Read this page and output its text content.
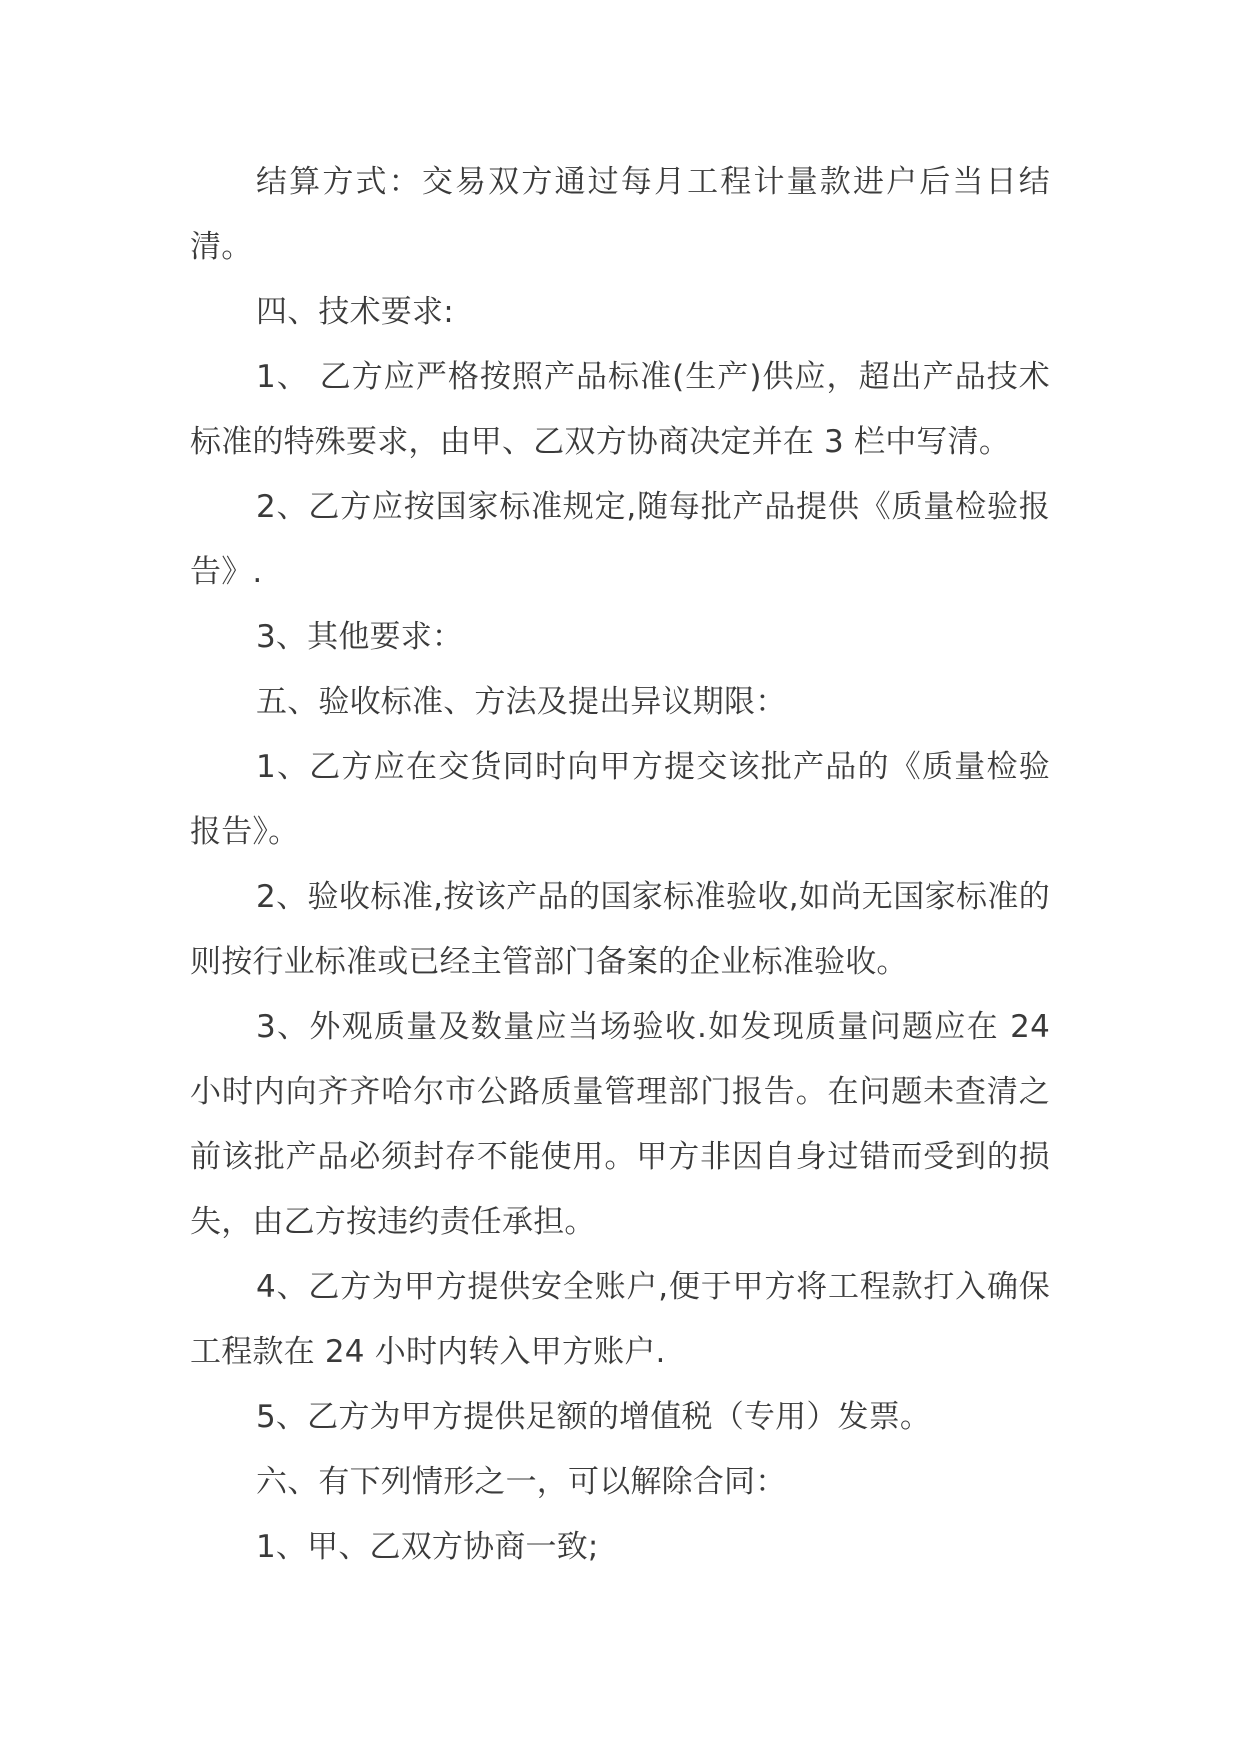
结算方式：交易双方通过每月工程计量款进户后当日结清。

四、技术要求:

1、 乙方应严格按照产品标准(生产)供应，超出产品技术标准的特殊要求，由甲、乙双方协商决定并在 3 栏中写清。

2、乙方应按国家标准规定,随每批产品提供《质量检验报告》.

3、其他要求：

五、验收标准、方法及提出异议期限：

1、乙方应在交货同时向甲方提交该批产品的《质量检验报告》。

2、验收标准,按该产品的国家标准验收,如尚无国家标准的则按行业标准或已经主管部门备案的企业标准验收。

3、外观质量及数量应当场验收.如发现质量问题应在 24 小时内向齐齐哈尔市公路质量管理部门报告。在问题未查清之前该批产品必须封存不能使用。甲方非因自身过错而受到的损失，由乙方按违约责任承担。

4、乙方为甲方提供安全账户,便于甲方将工程款打入确保工程款在 24 小时内转入甲方账户.

5、乙方为甲方提供足额的增值税（专用）发票。

六、有下列情形之一，可以解除合同：

1、甲、乙双方协商一致;
